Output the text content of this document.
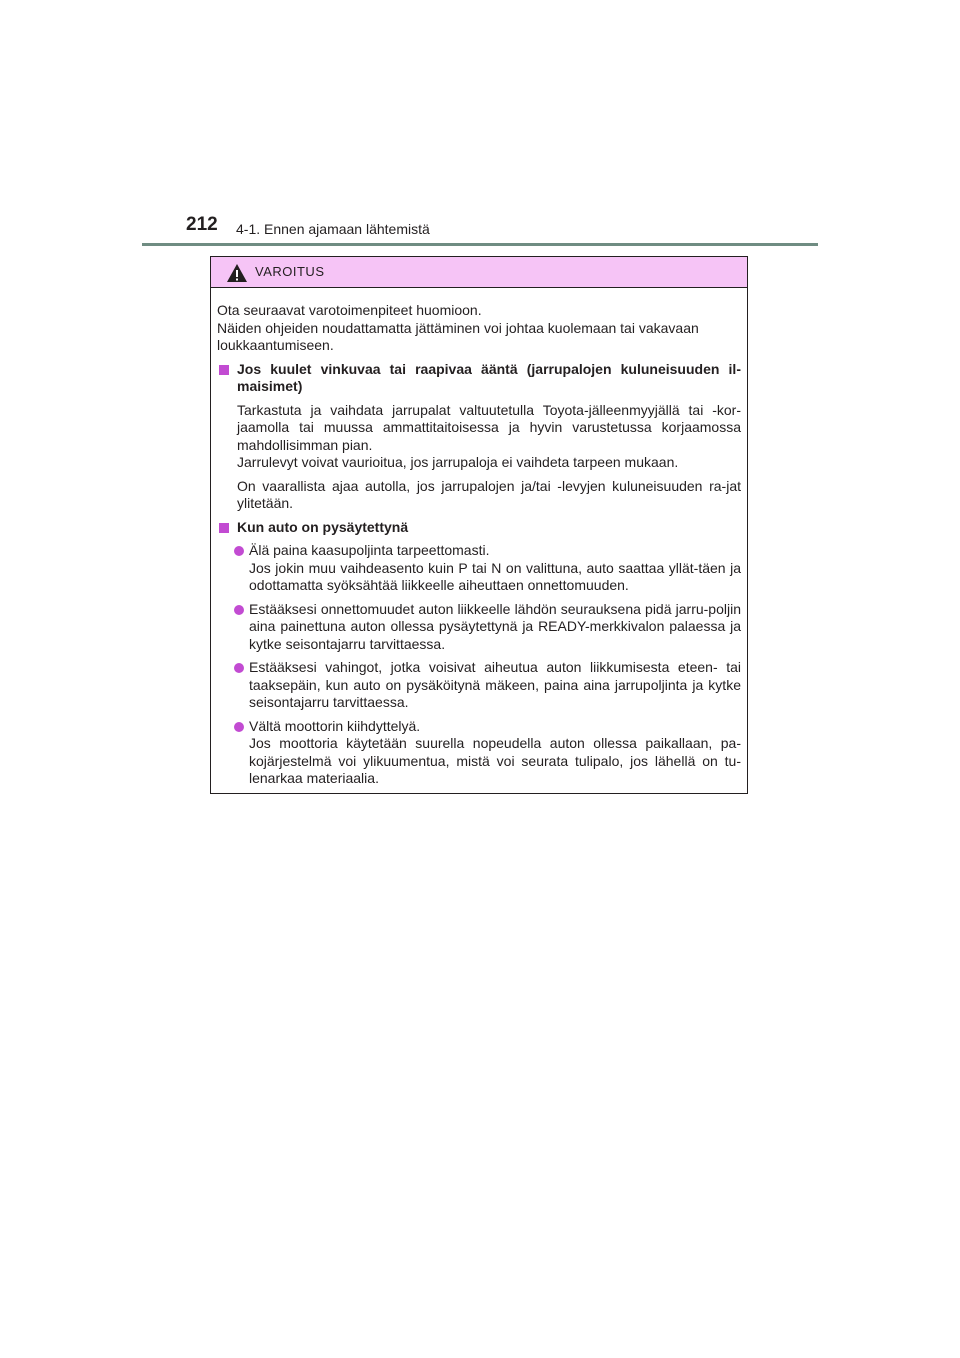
212 4-1. Ennen ajamaan lähtemistä
VAROITUS

Ota seuraavat varotoimenpiteet huomioon.

Näiden ohjeiden noudattamatta jättäminen voi johtaa kuolemaan tai vakavaan loukkaantumiseen.

Jos kuulet vinkuvaa tai raapivaa ääntä (jarrupalojen kuluneisuuden il-maisimet)

Tarkastuta ja vaihdata jarrupalat valtuutetulla Toyota-jälleenmyyjällä tai -kor-jaamolla tai muussa ammattitaitoisessa ja hyvin varustetussa korjaamossa mahdollisimman pian.

Jarrulevyt voivat vaurioitua, jos jarrupaloja ei vaihdeta tarpeen mukaan.

On vaarallista ajaa autolla, jos jarrupalojen ja/tai -levyjen kuluneisuuden ra-jat ylitetään.

Kun auto on pysäytettynä
Älä paina kaasupoljinta tarpeettomasti.
Jos jokin muu vaihdeasento kuin P tai N on valittuna, auto saattaa yllät-täen ja odottamatta syöksähtää liikkeelle aiheuttaen onnettomuuden.
Estääksesi onnettomuudet auton liikkeelle lähdön seurauksena pidä jarru-poljin aina painettuna auton ollessa pysäytettynä ja READY-merkkivalon palaessa ja kytke seisontajarru tarvittaessa.
Estääksesi vahingot, jotka voisivat aiheutua auton liikkumisesta eteen- tai taaksepäin, kun auto on pysäköitynä mäkeen, paina aina jarrupoljinta ja kytke seisontajarru tarvittaessa.
Vältä moottorin kiihdyttelyä.
Jos moottoria käytetään suurella nopeudella auton ollessa paikallaan, pa-kojärjestelmä voi ylikuumentua, mistä voi seurata tulipalo, jos lähellä on tu-lenarkaa materiaalia.
